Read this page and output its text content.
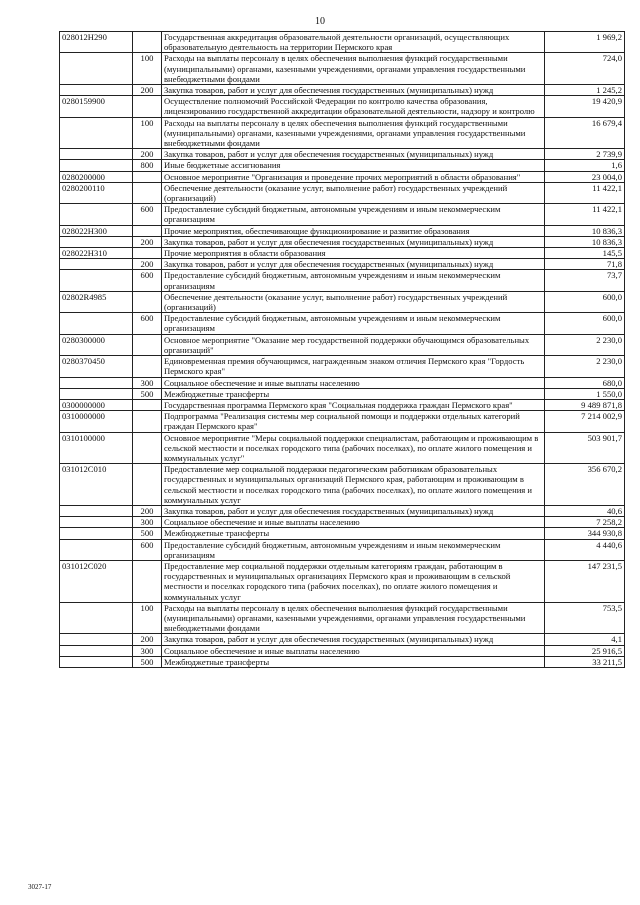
10
028012Н290		Государственная аккредитация образовательной деятельности организаций, осуществляющих образовательную деятельность на территории Пермского края	1 969,2
	100	Расходы на выплаты персоналу в целях обеспечения выполнения функций государственными (муниципальными) органами, казенными учреждениями, органами управления государственными внебюджетными фондами	724,0
	200	Закупка товаров, работ и услуг для обеспечения государственных (муниципальных) нужд	1 245,2
0280159900		Осуществление полномочий Российской Федерации по контролю качества образования, лицензированию государственной аккредитации образовательной деятельности, надзору и контролю	19 420,9
	100	Расходы на выплаты персоналу в целях обеспечения выполнения функций государственными (муниципальными) органами, казенными учреждениями, органами управления государственными внебюджетными фондами	16 679,4
	200	Закупка товаров, работ и услуг для обеспечения государственных (муниципальных) нужд	2 739,9
	800	Иные бюджетные ассигнования	1,6
0280200000		Основное мероприятие "Организация и проведение прочих мероприятий в области образования"	23 004,0
0280200110		Обеспечение деятельности (оказание услуг, выполнение работ) государственных учреждений (организаций)	11 422,1
	600	Предоставление субсидий бюджетным, автономным учреждениям и иным некоммерческим организациям	11 422,1
028022Н300		Прочие мероприятия, обеспечивающие функционирование и развитие образования	10 836,3
	200	Закупка товаров, работ и услуг для обеспечения государственных (муниципальных) нужд	10 836,3
028022Н310		Прочие мероприятия в области образования	145,5
	200	Закупка товаров, работ и услуг для обеспечения государственных (муниципальных) нужд	71,8
	600	Предоставление субсидий бюджетным, автономным учреждениям и иным некоммерческим организациям	73,7
02802R4985		Обеспечение деятельности (оказание услуг, выполнение работ) государственных учреждений (организаций)	600,0
	600	Предоставление субсидий бюджетным, автономным учреждениям и иным некоммерческим организациям	600,0
0280300000		Основное мероприятие "Оказание мер государственной поддержки обучающимся образовательных организаций"	2 230,0
0280370450		Единовременная премия обучающимся, награжденным знаком отличия Пермского края "Гордость Пермского края"	2 230,0
	300	Социальное обеспечение и иные выплаты населению	680,0
	500	Межбюджетные трансферты	1 550,0
0300000000		Государственная программа Пермского края "Социальная поддержка граждан Пермского края"	9 489 871,8
0310000000		Подпрограмма "Реализация системы мер социальной помощи и поддержки отдельных категорий граждан Пермского края"	7 214 002,9
0310100000		Основное мероприятие "Меры социальной поддержки специалистам, работающим и проживающим в сельской местности и поселках городского типа (рабочих поселках), по оплате жилого помещения и коммунальных услуг"	503 901,7
031012С010		Предоставление мер социальной поддержки педагогическим работникам образовательных государственных и муниципальных организаций Пермского края, работающим и проживающим в сельской местности и поселках городского типа (рабочих поселках), по оплате жилого помещения и коммунальных услуг	356 670,2
	200	Закупка товаров, работ и услуг для обеспечения государственных (муниципальных) нужд	40,6
	300	Социальное обеспечение и иные выплаты населению	7 258,2
	500	Межбюджетные трансферты	344 930,8
	600	Предоставление субсидий бюджетным, автономным учреждениям и иным некоммерческим организациям	4 440,6
031012С020		Предоставление мер социальной поддержки отдельным категориям граждан, работающим в государственных и муниципальных организациях Пермского края и проживающим в сельской местности и поселках городского типа (рабочих поселках), по оплате жилого помещения и коммунальных услуг	147 231,5
	100	Расходы на выплаты персоналу в целях обеспечения выполнения функций государственными (муниципальными) органами, казенными учреждениями, органами управления государственными внебюджетными фондами	753,5
	200	Закупка товаров, работ и услуг для обеспечения государственных (муниципальных) нужд	4,1
	300	Социальное обеспечение и иные выплаты населению	25 916,5
	500	Межбюджетные трансферты	33 211,5
3027-17
